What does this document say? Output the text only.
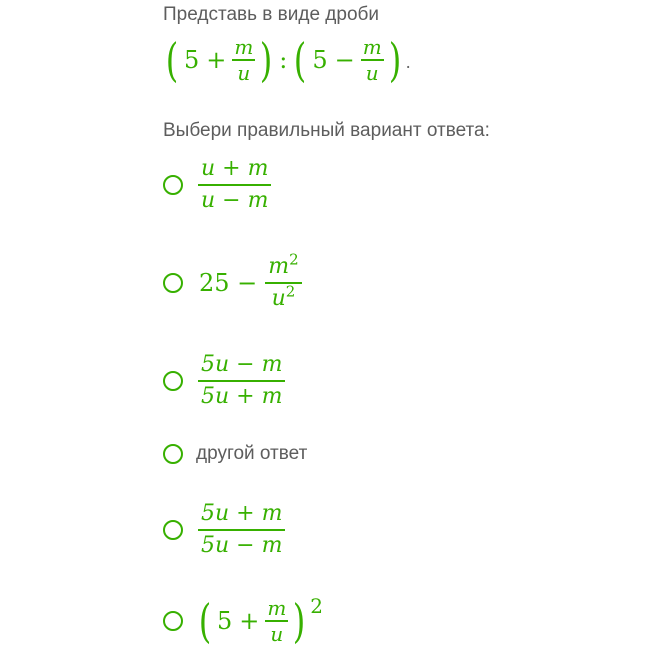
Представь в виде дроби
( $5 + \frac{m}{u}$ ) : ( $5 - \frac{m}{u}$ ) .
Выбери правильный вариант ответа:
$\frac{u + m}{u - m}$
$25 - \frac{m^2}{u^2}$
$\frac{5u - m}{5u + m}$
другой ответ
$\frac{5u + m}{5u - m}$
( $5 + \frac{m}{u}$ ) 2
